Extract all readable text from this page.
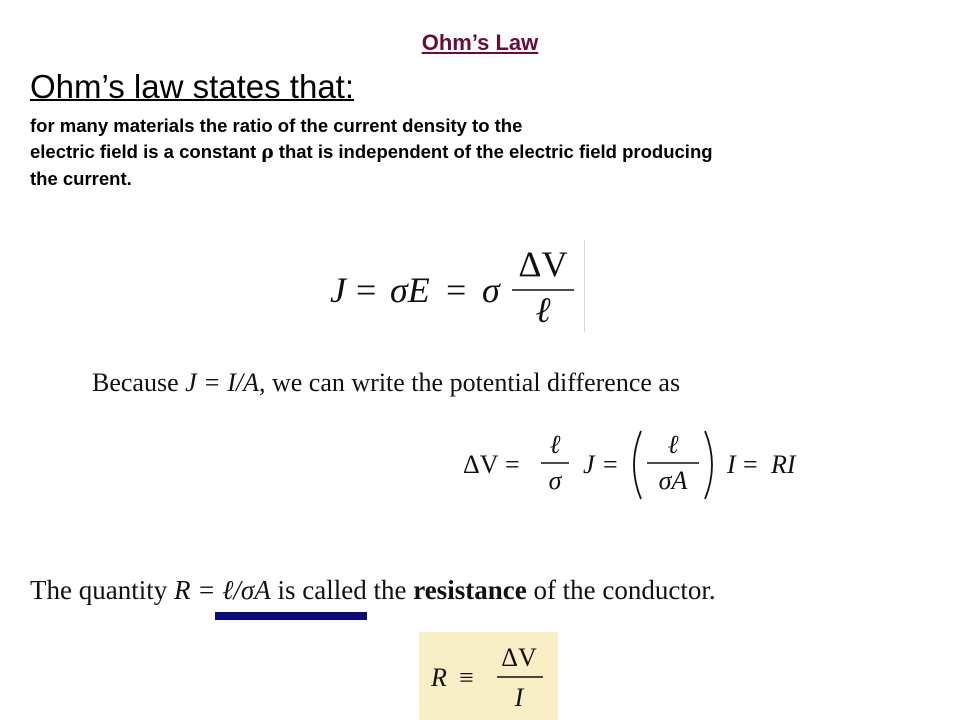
Ohm’s Law
Ohm’s law states that:
for many materials the ratio of the current density to the
electric field is a constant ρ that is independent of the electric field producing
the current.
J = σE = σ
ΔV
ℓ
Because J = I/A, we can write the potential difference as
ΔV =
ℓ
σ
J =
ℓ
σA
I = RI
The quantity R = ℓ/σA is called the resistance of the conductor.
R ≡
ΔV
I
